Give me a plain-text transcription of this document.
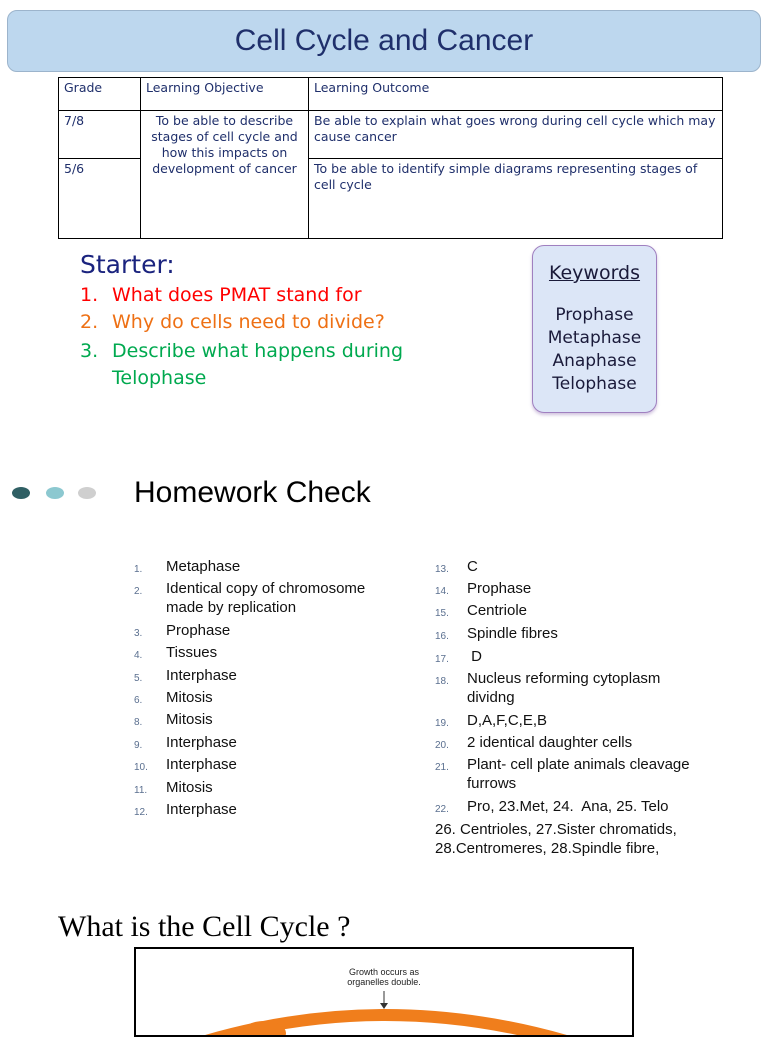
Cell Cycle and Cancer
Grade	Learning Objective	Learning Outcome
7/8	To be able to describe stages of cell cycle and how this impacts on development of cancer	Be able to explain what goes wrong during cell cycle which may cause cancer
5/6		To be able to identify simple diagrams representing stages of cell cycle
Starter:
1. What does PMAT stand for
2. Why do cells need to divide?
3. Describe what happens during Telophase
Keywords
Prophase
Metaphase
Anaphase
Telophase
Homework Check
1.	Metaphase
2.	Identical copy of chromosome made by replication
3.	Prophase
4.	Tissues
5.	Interphase
6.	Mitosis
8.	Mitosis
9.	Interphase
10.	Interphase
11.	Mitosis
12.	Interphase
13.	C
14.	Prophase
15.	Centriole
16.	Spindle fibres
17.	D
18.	Nucleus reforming cytoplasm dividng
19.	D,A,F,C,E,B
20.	2 identical daughter cells
21.	Plant- cell plate animals cleavage furrows
22.	Pro, 23.Met, 24.  Ana, 25. Telo
26. Centrioles, 27.Sister chromatids,
28.Centromeres, 28.Spindle fibre,
What is the Cell Cycle ?
Growth occurs as
organelles double.
